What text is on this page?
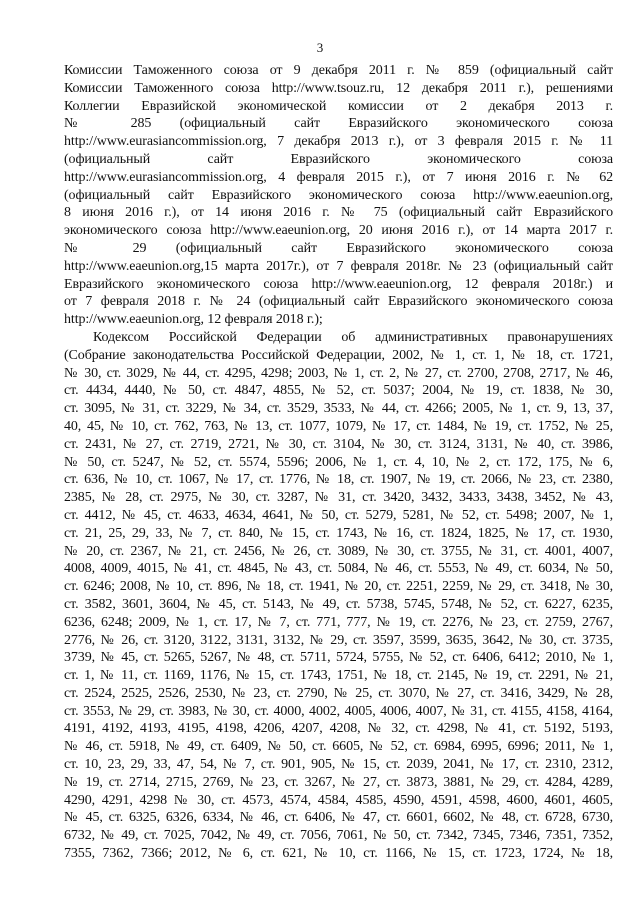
3
Комиссии Таможенного союза от 9 декабря 2011 г. № 859 (официальный сайт
Комиссии Таможенного союза http://www.tsouz.ru, 12 декабря 2011 г.), решениями
Коллегии Евразийской экономической комиссии от 2 декабря 2013 г.
№ 285 (официальный сайт Евразийского экономического союза
http://www.eurasiancommission.org, 7 декабря 2013 г.), от 3 февраля 2015 г. № 11
(официальный сайт Евразийского экономического союза
http://www.eurasiancommission.org, 4 февраля 2015 г.), от 7 июня 2016 г. № 62
(официальный сайт Евразийского экономического союза http://www.eaeunion.org,
8 июня 2016 г.), от 14 июня 2016 г. № 75 (официальный сайт Евразийского
экономического союза http://www.eaeunion.org, 20 июня 2016 г.), от 14 марта 2017 г.
№ 29 (официальный сайт Евразийского экономического союза
http://www.eaeunion.org,15 марта 2017г.), от 7 февраля 2018г. № 23 (официальный сайт
Евразийского экономического союза http://www.eaeunion.org, 12 февраля 2018г.) и
от 7 февраля 2018 г. № 24 (официальный сайт Евразийского экономического союза
http://www.eaeunion.org, 12 февраля 2018 г.);
Кодексом Российской Федерации об административных правонарушениях
(Собрание законодательства Российской Федерации, 2002, № 1, ст. 1, № 18, ст. 1721,
№ 30, ст. 3029, № 44, ст. 4295, 4298; 2003, № 1, ст. 2, № 27, ст. 2700, 2708, 2717, № 46,
ст. 4434, 4440, № 50, ст. 4847, 4855, № 52, ст. 5037; 2004, № 19, ст. 1838, № 30,
ст. 3095, № 31, ст. 3229, № 34, ст. 3529, 3533, № 44, ст. 4266; 2005, № 1, ст. 9, 13, 37,
40, 45, № 10, ст. 762, 763, № 13, ст. 1077, 1079, № 17, ст. 1484, № 19, ст. 1752, № 25,
ст. 2431, № 27, ст. 2719, 2721, № 30, ст. 3104, № 30, ст. 3124, 3131, № 40, ст. 3986,
№ 50, ст. 5247, № 52, ст. 5574, 5596; 2006, № 1, ст. 4, 10, № 2, ст. 172, 175, № 6,
ст. 636, № 10, ст. 1067, № 17, ст. 1776, № 18, ст. 1907, № 19, ст. 2066, № 23, ст. 2380,
2385, № 28, ст. 2975, № 30, ст. 3287, № 31, ст. 3420, 3432, 3433, 3438, 3452, № 43,
ст. 4412, № 45, ст. 4633, 4634, 4641, № 50, ст. 5279, 5281, № 52, ст. 5498; 2007, № 1,
ст. 21, 25, 29, 33, № 7, ст. 840, № 15, ст. 1743, № 16, ст. 1824, 1825, № 17, ст. 1930,
№ 20, ст. 2367, № 21, ст. 2456, № 26, ст. 3089, № 30, ст. 3755, № 31, ст. 4001, 4007,
4008, 4009, 4015, № 41, ст. 4845, № 43, ст. 5084, № 46, ст. 5553, № 49, ст. 6034, № 50,
ст. 6246; 2008, № 10, ст. 896, № 18, ст. 1941, № 20, ст. 2251, 2259, № 29, ст. 3418, № 30,
ст. 3582, 3601, 3604, № 45, ст. 5143, № 49, ст. 5738, 5745, 5748, № 52, ст. 6227, 6235,
6236, 6248; 2009, № 1, ст. 17, № 7, ст. 771, 777, № 19, ст. 2276, № 23, ст. 2759, 2767,
2776, № 26, ст. 3120, 3122, 3131, 3132, № 29, ст. 3597, 3599, 3635, 3642, № 30, ст. 3735,
3739, № 45, ст. 5265, 5267, № 48, ст. 5711, 5724, 5755, № 52, ст. 6406, 6412; 2010, № 1,
ст. 1, № 11, ст. 1169, 1176, № 15, ст. 1743, 1751, № 18, ст. 2145, № 19, ст. 2291, № 21,
ст. 2524, 2525, 2526, 2530, № 23, ст. 2790, № 25, ст. 3070, № 27, ст. 3416, 3429, № 28,
ст. 3553, № 29, ст. 3983, № 30, ст. 4000, 4002, 4005, 4006, 4007, № 31, ст. 4155, 4158, 4164,
4191, 4192, 4193, 4195, 4198, 4206, 4207, 4208, № 32, ст. 4298, № 41, ст. 5192, 5193,
№ 46, ст. 5918, № 49, ст. 6409, № 50, ст. 6605, № 52, ст. 6984, 6995, 6996; 2011, № 1,
ст. 10, 23, 29, 33, 47, 54, № 7, ст. 901, 905, № 15, ст. 2039, 2041, № 17, ст. 2310, 2312,
№ 19, ст. 2714, 2715, 2769, № 23, ст. 3267, № 27, ст. 3873, 3881, № 29, ст. 4284, 4289,
4290, 4291, 4298 № 30, ст. 4573, 4574, 4584, 4585, 4590, 4591, 4598, 4600, 4601, 4605,
№ 45, ст. 6325, 6326, 6334, № 46, ст. 6406, № 47, ст. 6601, 6602, № 48, ст. 6728, 6730,
6732, № 49, ст. 7025, 7042, № 49, ст. 7056, 7061, № 50, ст. 7342, 7345, 7346, 7351, 7352,
7355, 7362, 7366; 2012, № 6, ст. 621, № 10, ст. 1166, № 15, ст. 1723, 1724, № 18,
